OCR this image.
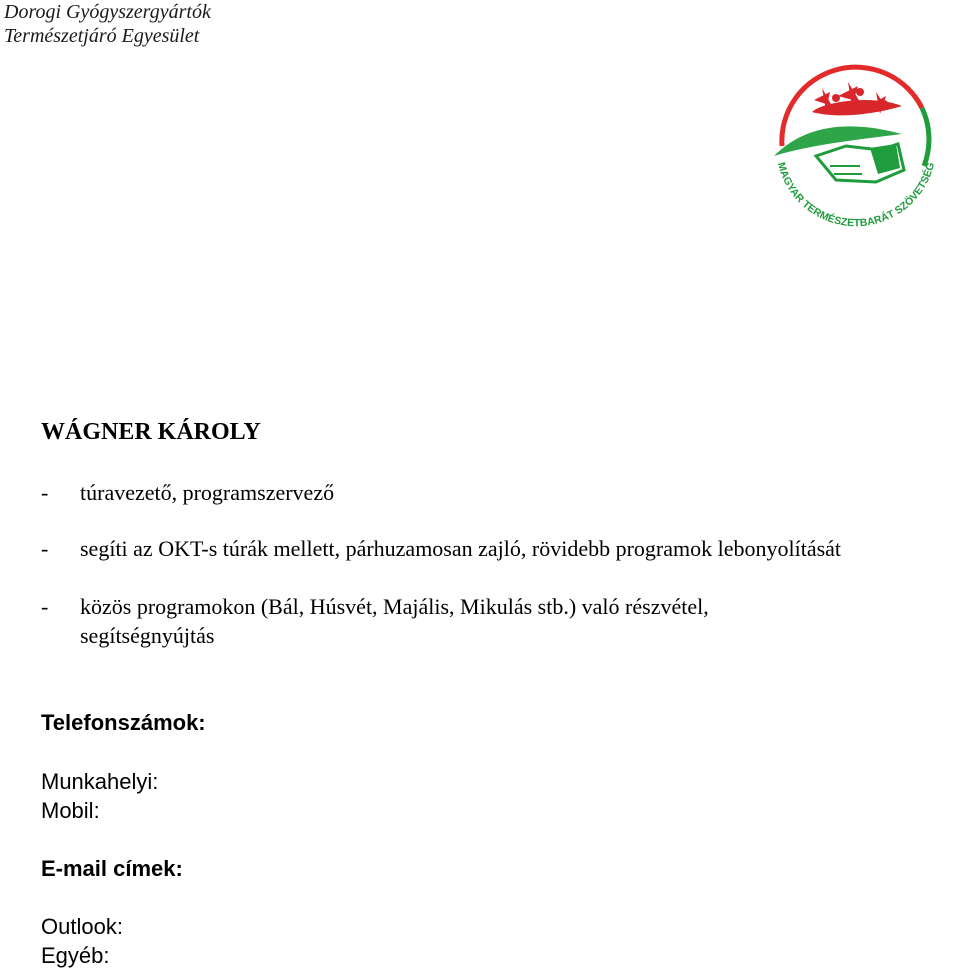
Dorogi Gyógyszergyártók
Természetjáró Egyesület
MAGYAR TERMÉSZETBARÁT SZÖVETSÉG
WÁGNER KÁROLY
- túravezető, programszervező
- segíti az OKT-s túrák mellett, párhuzamosan zajló, rövidebb programok lebonyolítását
- közös programokon (Bál, Húsvét, Majális, Mikulás stb.) való részvétel, segítségnyújtás
Telefonszámok:
Munkahelyi:
Mobil:
E-mail címek:
Outlook:
Egyéb:
